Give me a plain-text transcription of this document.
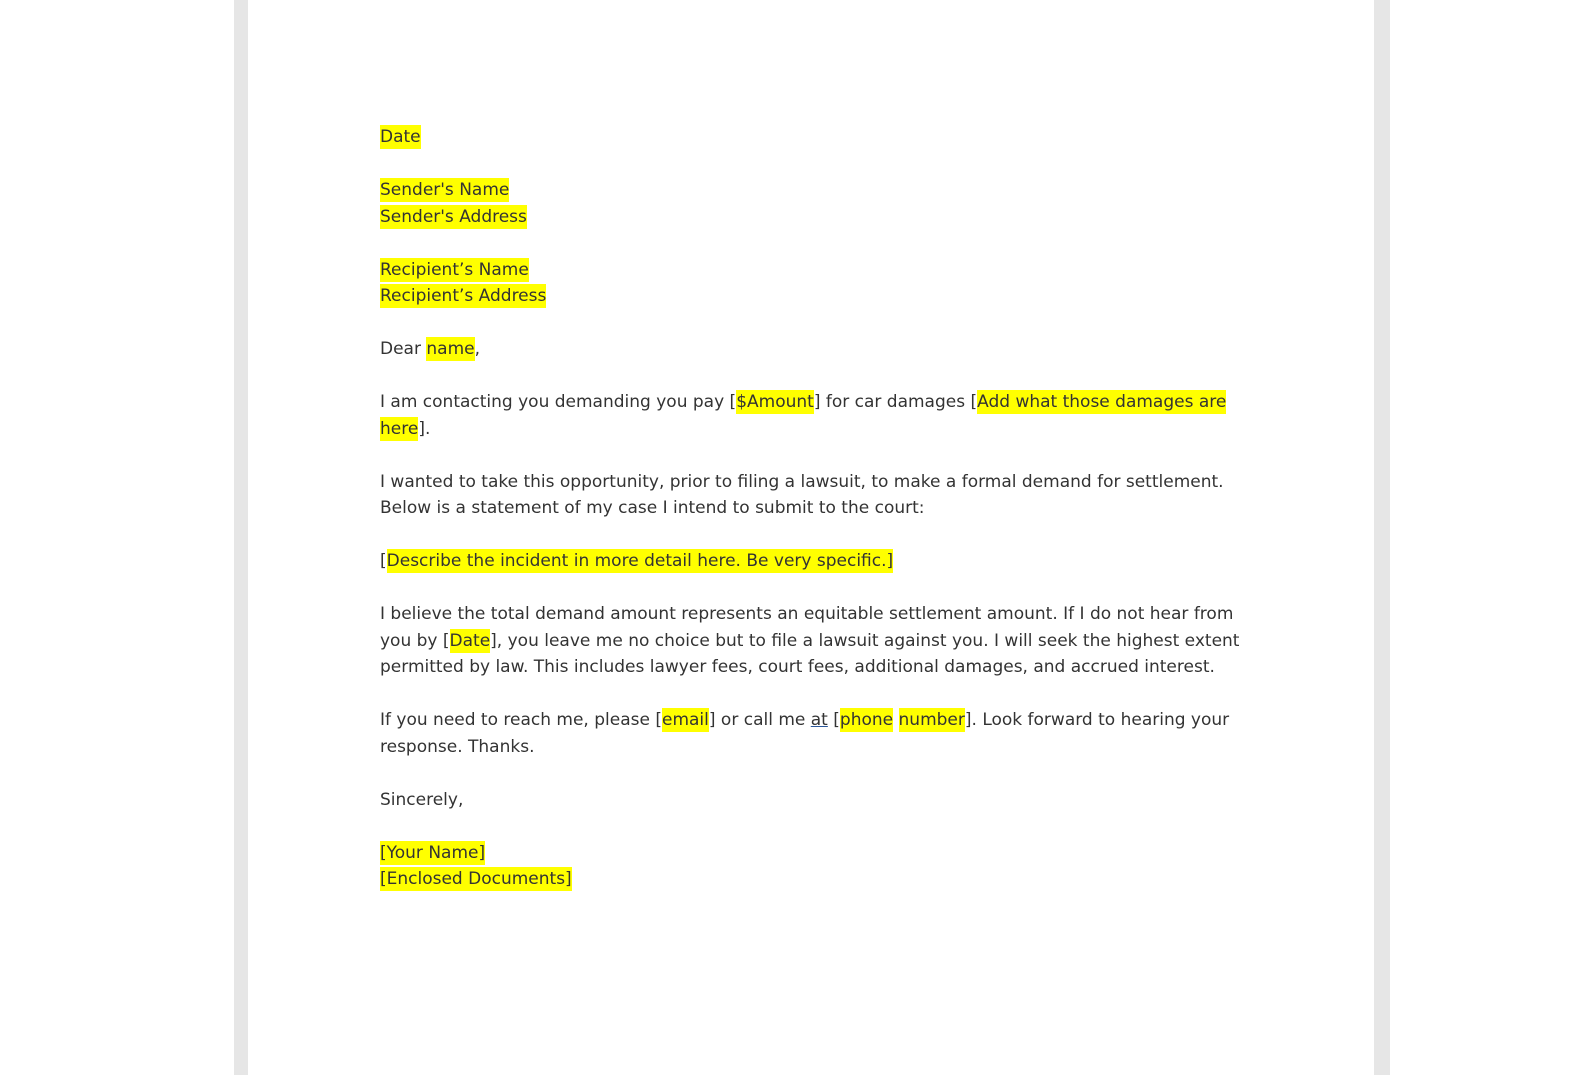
Date

Sender's Name
Sender's Address

Recipient’s Name
Recipient’s Address

Dear name,

I am contacting you demanding you pay [$Amount] for car damages [Add what those damages are here].

I wanted to take this opportunity, prior to filing a lawsuit, to make a formal demand for settlement. Below is a statement of my case I intend to submit to the court:

[Describe the incident in more detail here. Be very specific.]

I believe the total demand amount represents an equitable settlement amount. If I do not hear from you by [Date], you leave me no choice but to file a lawsuit against you. I will seek the highest extent permitted by law. This includes lawyer fees, court fees, additional damages, and accrued interest.

If you need to reach me, please [email] or call me at [phone number]. Look forward to hearing your response. Thanks.

Sincerely,

[Your Name]
[Enclosed Documents]
